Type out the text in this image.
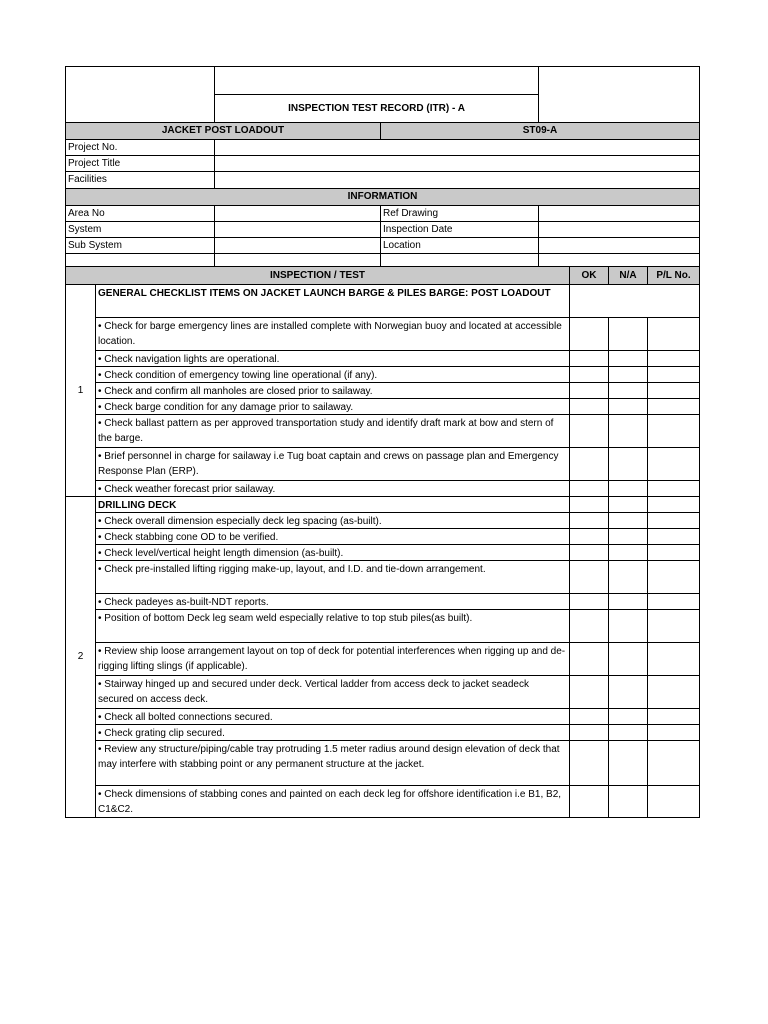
INSPECTION TEST RECORD (ITR) - A
JACKET POST LOADOUT	ST09-A
Project No.
Project Title
Facilities
INFORMATION
Area No	Ref Drawing
System	Inspection Date
Sub System	Location
INSPECTION / TEST	OK	N/A	P/L No.
1
GENERAL CHECKLIST ITEMS ON JACKET LAUNCH BARGE & PILES BARGE: POST LOADOUT
• Check for barge emergency lines are installed complete with Norwegian buoy and located at accessible location.
• Check navigation lights are operational.
• Check condition of emergency towing line operational (if any).
• Check and confirm all manholes are closed prior to sailaway.
• Check barge condition for any damage prior to sailaway.
• Check ballast pattern as per approved transportation study and identify draft mark at bow and stern of the barge.
• Brief personnel in charge for sailaway i.e Tug boat captain and crews on passage plan and Emergency Response Plan (ERP).
• Check weather forecast prior sailaway.
2
DRILLING DECK
• Check overall dimension especially deck leg spacing (as-built).
• Check stabbing cone OD to be verified.
• Check level/vertical height length dimension (as-built).
• Check pre-installed lifting rigging make-up, layout, and I.D. and tie-down arrangement.
• Check padeyes as-built-NDT reports.
• Position of bottom Deck leg seam weld especially relative to top stub piles(as built).
• Review ship loose arrangement layout on top of deck for potential interferences when rigging up and de-rigging lifting slings (if applicable).
• Stairway hinged up and secured under deck. Vertical ladder from access deck to jacket seadeck secured on access deck.
• Check all bolted connections secured.
• Check grating clip secured.
• Review any structure/piping/cable tray protruding 1.5 meter radius around design elevation of deck that may interfere with stabbing point or any permanent structure at the jacket.
• Check dimensions of stabbing cones and painted on each deck leg for offshore identification i.e B1, B2, C1&C2.
